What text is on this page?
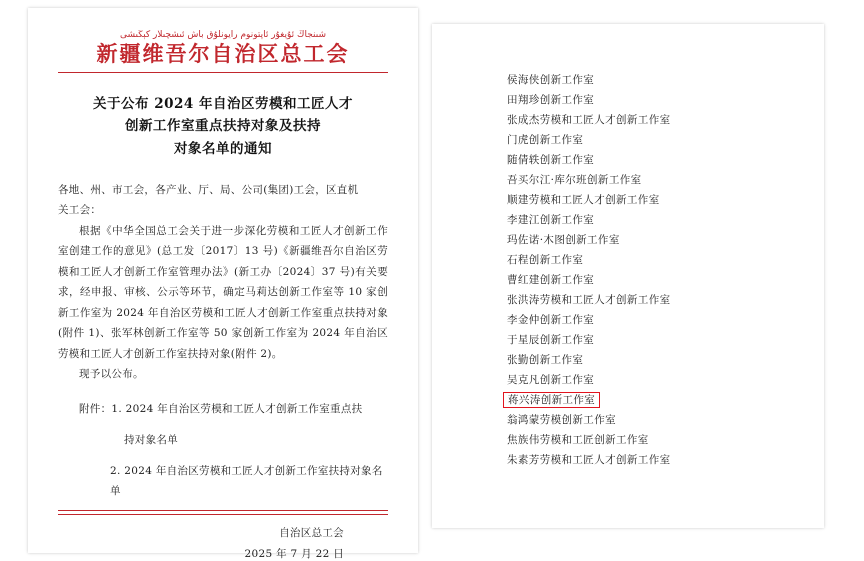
شىنجاڭ ئۇيغۇر ئاپتونوم رايونلۇق باش ئىشچىلار كېڭىشى
新疆维吾尔自治区总工会
关于公布 2024 年自治区劳模和工匠人才
创新工作室重点扶持对象及扶持
对象名单的通知

各地、州、市工会，各产业、厅、局、公司(集团)工会，区直机

关工会：

根据《中华全国总工会关于进一步深化劳模和工匠人才创新工作室创建工作的意见》(总工发〔2017〕13 号)《新疆维吾尔自治区劳模和工匠人才创新工作室管理办法》(新工办〔2024〕37 号)有关要求，经申报、审核、公示等环节，确定马莉达创新工作室等 10 家创新工作室为 2024 年自治区劳模和工匠人才创新工作室重点扶持对象(附件 1)、张军林创新工作室等 50 家创新工作室为 2024 年自治区劳模和工匠人才创新工作室扶持对象(附件 2)。

现予以公布。

附件：1. 2024 年自治区劳模和工匠人才创新工作室重点扶

持对象名单

2. 2024 年自治区劳模和工匠人才创新工作室扶持对象名单

自治区总工会
2025 年 7 月 22 日
侯海侠创新工作室
田翔珍创新工作室
张成杰劳模和工匠人才创新工作室
门虎创新工作室
随倩轶创新工作室
吾买尔江·库尔班创新工作室
顺建劳模和工匠人才创新工作室
李建江创新工作室
玛佐诺·木图创新工作室
石程创新工作室
曹红建创新工作室
张洪涛劳模和工匠人才创新工作室
李金仲创新工作室
于星辰创新工作室
张勤创新工作室
吴克凡创新工作室
蒋兴涛创新工作室
翁鸿蒙劳模创新工作室
焦族伟劳模和工匠创新工作室
朱素芳劳模和工匠人才创新工作室
